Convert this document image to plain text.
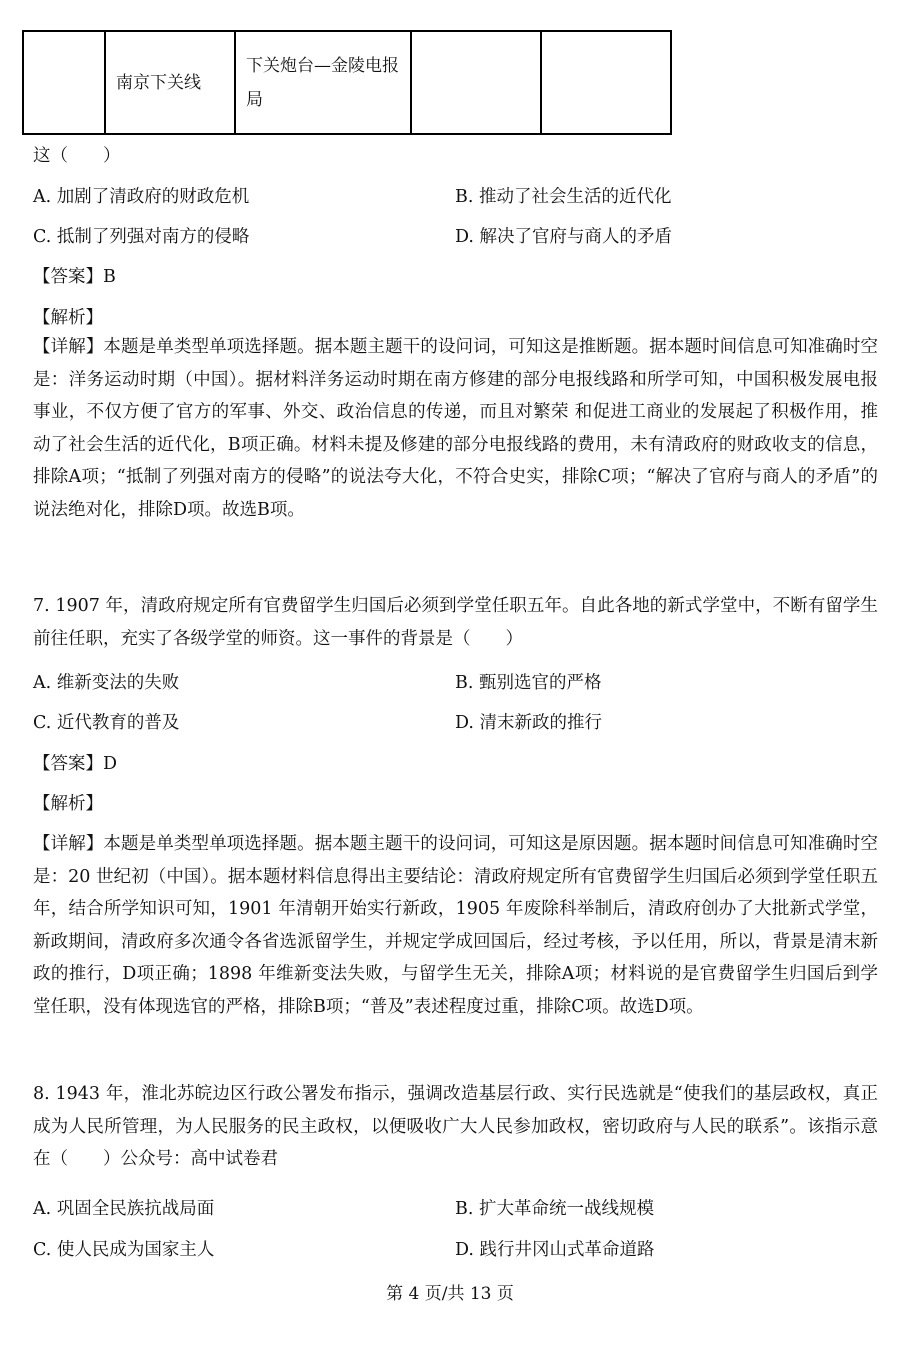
	南京下关线	下关炮台—金陵电报局		
这（　　）
A. 加剧了清政府的财政危机	B. 推动了社会生活的近代化
C. 抵制了列强对南方的侵略	D. 解决了官府与商人的矛盾
【答案】B
【解析】
【详解】本题是单类型单项选择题。据本题主题干的设问词，可知这是推断题。据本题时间信息可知准确时空是：洋务运动时期（中国）。据材料洋务运动时期在南方修建的部分电报线路和所学可知，中国积极发展电报事业，不仅方便了官方的军事、外交、政治信息的传递，而且对繁荣 和促进工商业的发展起了积极作用，推动了社会生活的近代化，B项正确。材料未提及修建的部分电报线路的费用，未有清政府的财政收支的信息，排除A项；“抵制了列强对南方的侵略”的说法夸大化，不符合史实，排除C项；“解决了官府与商人的矛盾”的说法绝对化，排除D项。故选B项。
7. 1907 年，清政府规定所有官费留学生归国后必须到学堂任职五年。自此各地的新式学堂中，不断有留学生前往任职，充实了各级学堂的师资。这一事件的背景是（　　）
A. 维新变法的失败	B. 甄别选官的严格
C. 近代教育的普及	D. 清末新政的推行
【答案】D
【解析】
【详解】本题是单类型单项选择题。据本题主题干的设问词，可知这是原因题。据本题时间信息可知准确时空是：20 世纪初（中国）。据本题材料信息得出主要结论：清政府规定所有官费留学生归国后必须到学堂任职五年，结合所学知识可知，1901 年清朝开始实行新政，1905 年废除科举制后，清政府创办了大批新式学堂，新政期间，清政府多次通令各省选派留学生，并规定学成回国后，经过考核，予以任用，所以，背景是清末新政的推行，D项正确；1898 年维新变法失败，与留学生无关，排除A项；材料说的是官费留学生归国后到学堂任职，没有体现选官的严格，排除B项；“普及”表述程度过重，排除C项。故选D项。
8. 1943 年，淮北苏皖边区行政公署发布指示，强调改造基层行政、实行民选就是“使我们的基层政权，真正成为人民所管理，为人民服务的民主政权，以便吸收广大人民参加政权，密切政府与人民的联系”。该指示意在（　　）公众号：高中试卷君
A. 巩固全民族抗战局面	B. 扩大革命统一战线规模
C. 使人民成为国家主人	D. 践行井冈山式革命道路
第 4 页/共 13 页
